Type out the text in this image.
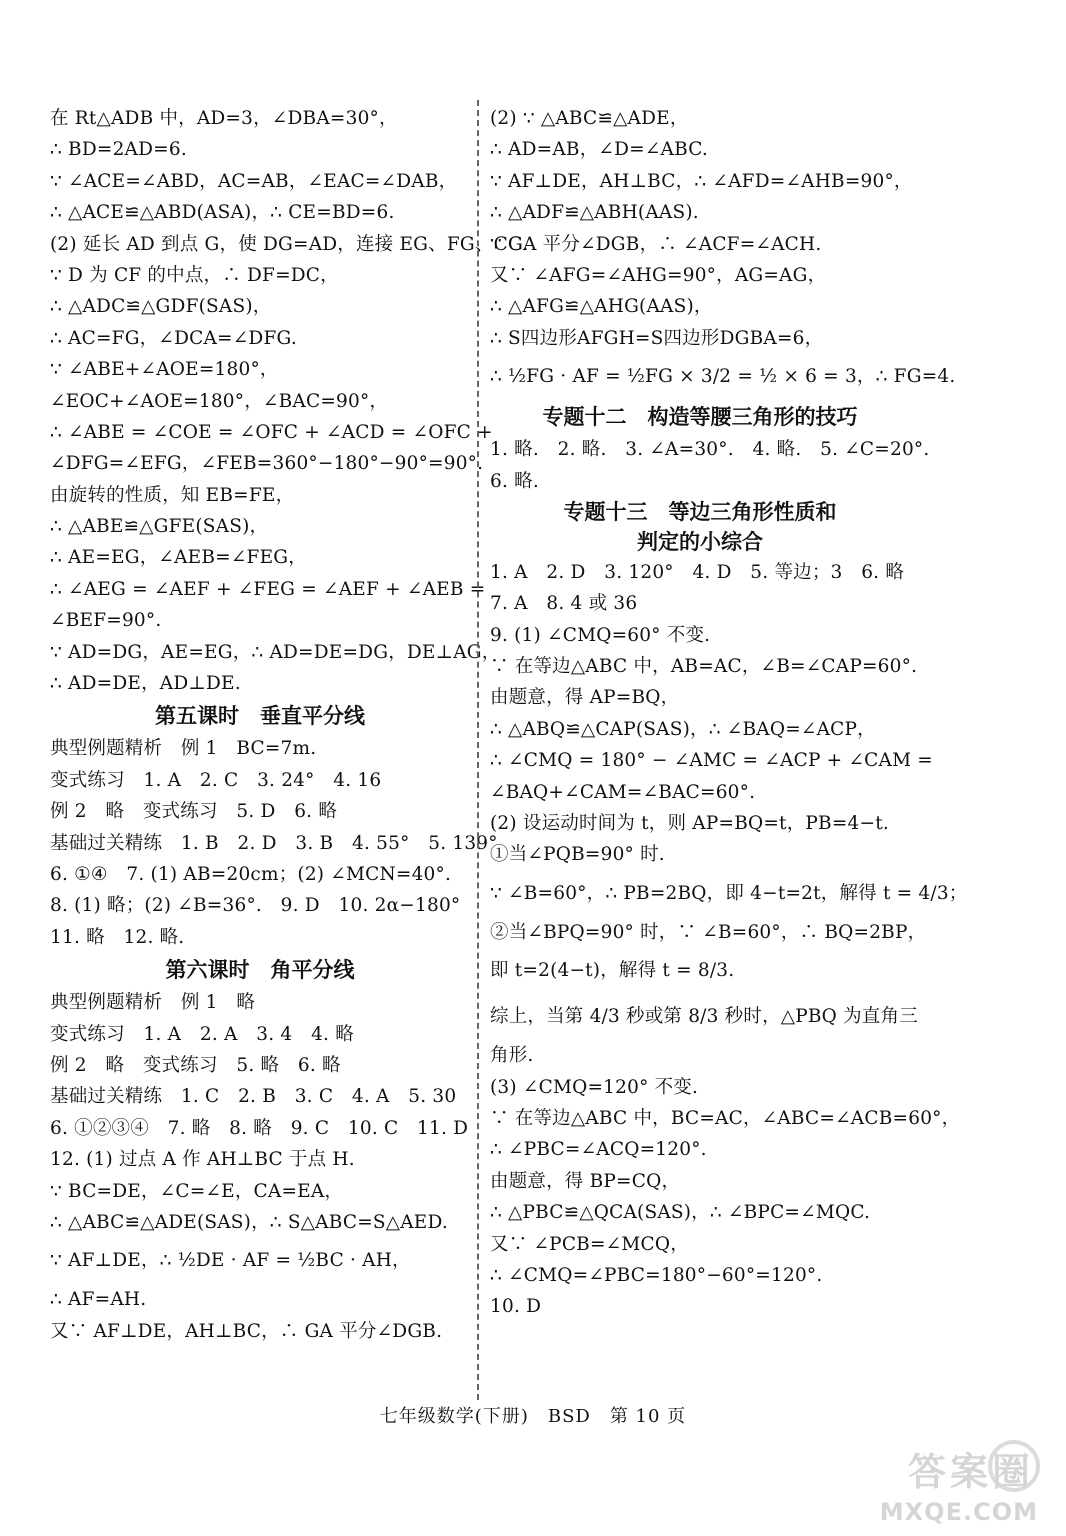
在 Rt△ADB 中，AD=3，∠DBA=30°，
∴ BD=2AD=6.
∵ ∠ACE=∠ABD，AC=AB，∠EAC=∠DAB，
∴ △ACE≌△ABD(ASA)，∴ CE=BD=6.
(2) 延长 AD 到点 G，使 DG=AD，连接 EG、FG、CG.
∵ D 为 CF 的中点，∴ DF=DC，
∴ △ADC≌△GDF(SAS)，
∴ AC=FG，∠DCA=∠DFG.
∵ ∠ABE+∠AOE=180°，
∠EOC+∠AOE=180°，∠BAC=90°，
∴ ∠ABE = ∠COE = ∠OFC + ∠ACD = ∠OFC +
∠DFG=∠EFG，∠FEB=360°−180°−90°=90°.
由旋转的性质，知 EB=FE，
∴ △ABE≌△GFE(SAS)，
∴ AE=EG，∠AEB=∠FEG，
∴ ∠AEG = ∠AEF + ∠FEG = ∠AEF + ∠AEB =
∠BEF=90°.
∵ AD=DG，AE=EG，∴ AD=DE=DG，DE⊥AG，
∴ AD=DE，AD⊥DE.
第五课时　垂直平分线
典型例题精析　例 1　BC=7m.
变式练习　1. A　2. C　3. 24°　4. 16
例 2　略　变式练习　5. D　6. 略
基础过关精练　1. B　2. D　3. B　4. 55°　5. 139°
6. ①④　7. (1) AB=20cm；(2) ∠MCN=40°.
8. (1) 略；(2) ∠B=36°.　9. D　10. 2α−180°
11. 略　12. 略.
第六课时　角平分线
典型例题精析　例 1　略
变式练习　1. A　2. A　3. 4　4. 略
例 2　略　变式练习　5. 略　6. 略
基础过关精练　1. C　2. B　3. C　4. A　5. 30
6. ①②③④　7. 略　8. 略　9. C　10. C　11. D
12. (1) 过点 A 作 AH⊥BC 于点 H.
∵ BC=DE，∠C=∠E，CA=EA，
∴ △ABC≌△ADE(SAS)，∴ S△ABC=S△AED.
∵ AF⊥DE，∴ ½DE · AF = ½BC · AH，
∴ AF=AH.
又∵ AF⊥DE，AH⊥BC，∴ GA 平分∠DGB.
(2) ∵ △ABC≌△ADE，
∴ AD=AB，∠D=∠ABC.
∵ AF⊥DE，AH⊥BC，∴ ∠AFD=∠AHB=90°，
∴ △ADF≌△ABH(AAS).
∵ GA 平分∠DGB，∴ ∠ACF=∠ACH.
又∵ ∠AFG=∠AHG=90°，AG=AG，
∴ △AFG≌△AHG(AAS)，
∴ S四边形AFGH=S四边形DGBA=6，
∴ ½FG · AF = ½FG × 3/2 = ½ × 6 = 3，∴ FG=4.
专题十二　构造等腰三角形的技巧
1. 略.　2. 略.　3. ∠A=30°.　4. 略.　5. ∠C=20°.
6. 略.
专题十三　等边三角形性质和
判定的小综合
1. A　2. D　3. 120°　4. D　5. 等边；3　6. 略
7. A　8. 4 或 36
9. (1) ∠CMQ=60° 不变.
∵ 在等边△ABC 中，AB=AC，∠B=∠CAP=60°.
由题意，得 AP=BQ，
∴ △ABQ≌△CAP(SAS)，∴ ∠BAQ=∠ACP，
∴ ∠CMQ = 180° − ∠AMC = ∠ACP + ∠CAM =
∠BAQ+∠CAM=∠BAC=60°.
(2) 设运动时间为 t，则 AP=BQ=t，PB=4−t.
①当∠PQB=90° 时.
∵ ∠B=60°，∴ PB=2BQ，即 4−t=2t，解得 t = 4/3；
②当∠BPQ=90° 时，∵ ∠B=60°，∴ BQ=2BP，
即 t=2(4−t)，解得 t = 8/3.
综上，当第 4/3 秒或第 8/3 秒时，△PBQ 为直角三
角形.
(3) ∠CMQ=120° 不变.
∵ 在等边△ABC 中，BC=AC，∠ABC=∠ACB=60°，
∴ ∠PBC=∠ACQ=120°.
由题意，得 BP=CQ，
∴ △PBC≌△QCA(SAS)，∴ ∠BPC=∠MQC.
又∵ ∠PCB=∠MCQ，
∴ ∠CMQ=∠PBC=180°−60°=120°.
10. D
七年级数学(下册)　BSD　第 10 页
答案圈
MXQE.COM
